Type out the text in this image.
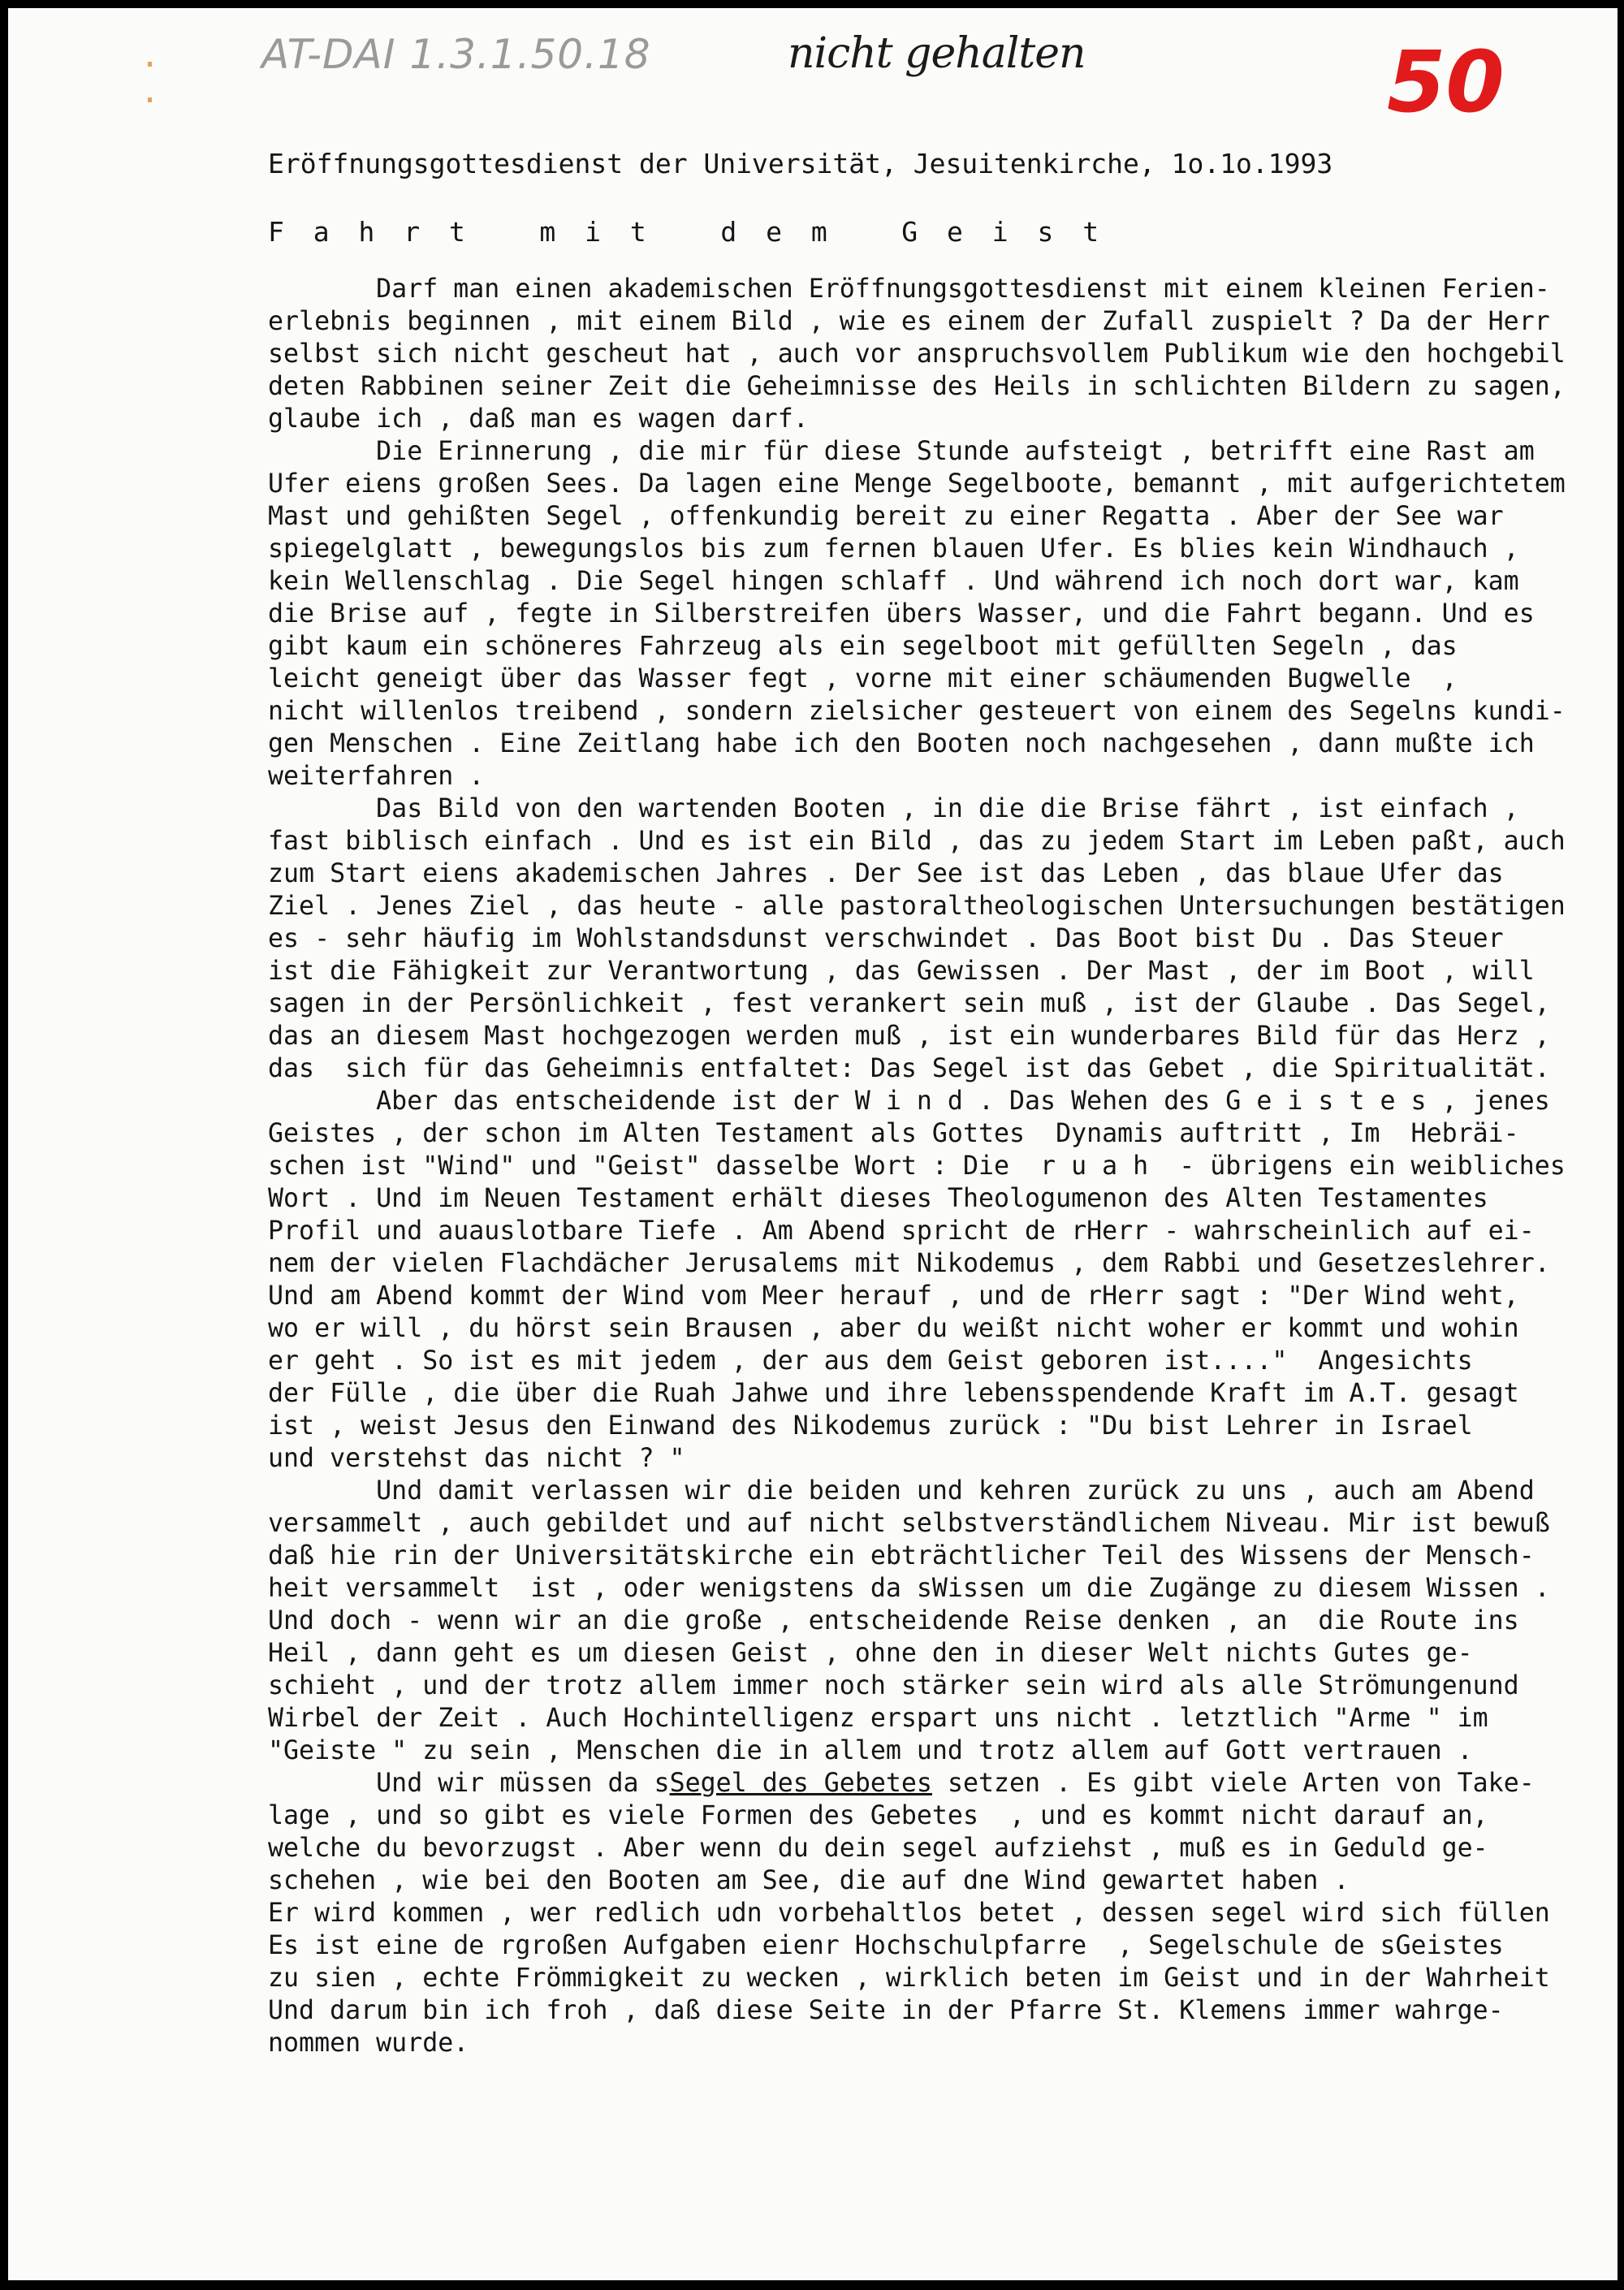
AT-DAI 1.3.1.50.18	nicht gehalten	50
Eröffnungsgottesdienst der Universität, Jesuitenkirche, 1o.1o.1993
F a h r t   m i t   d e m   G e i s t
Darf man einen akademischen Eröffnungsgottesdienst mit einem kleinen Ferien-
erlebnis beginnen , mit einem Bild , wie es einem der Zufall zuspielt ? Da der Herr
selbst sich nicht gescheut hat , auch vor anspruchsvollem Publikum wie den hochgebil
deten Rabbinen seiner Zeit die Geheimnisse des Heils in schlichten Bildern zu sagen,
glaube ich , daß man es wagen darf.
Die Erinnerung , die mir für diese Stunde aufsteigt , betrifft eine Rast am
Ufer eiens großen Sees. Da lagen eine Menge Segelboote, bemannt , mit aufgerichtetem
Mast und gehißten Segel , offenkundig bereit zu einer Regatta . Aber der See war
spiegelglatt , bewegungslos bis zum fernen blauen Ufer. Es blies kein Windhauch ,
kein Wellenschlag . Die Segel hingen schlaff . Und während ich noch dort war, kam
die Brise auf , fegte in Silberstreifen übers Wasser, und die Fahrt begann. Und es
gibt kaum ein schöneres Fahrzeug als ein segelboot mit gefüllten Segeln , das
leicht geneigt über das Wasser fegt , vorne mit einer schäumenden Bugwelle  ,
nicht willenlos treibend , sondern zielsicher gesteuert von einem des Segelns kundi-
gen Menschen . Eine Zeitlang habe ich den Booten noch nachgesehen , dann mußte ich
weiterfahren .
Das Bild von den wartenden Booten , in die die Brise fährt , ist einfach ,
fast biblisch einfach . Und es ist ein Bild , das zu jedem Start im Leben paßt, auch
zum Start eiens akademischen Jahres . Der See ist das Leben , das blaue Ufer das
Ziel . Jenes Ziel , das heute - alle pastoraltheologischen Untersuchungen bestätigen
es - sehr häufig im Wohlstandsdunst verschwindet . Das Boot bist Du . Das Steuer
ist die Fähigkeit zur Verantwortung , das Gewissen . Der Mast , der im Boot , will
sagen in der Persönlichkeit , fest verankert sein muß , ist der Glaube . Das Segel,
das an diesem Mast hochgezogen werden muß , ist ein wunderbares Bild für das Herz ,
das  sich für das Geheimnis entfaltet: Das Segel ist das Gebet , die Spiritualität.
Aber das entscheidende ist der W i n d . Das Wehen des G e i s t e s , jenes
Geistes , der schon im Alten Testament als Gottes  Dynamis auftritt , Im  Hebräi-
schen ist "Wind" und "Geist" dasselbe Wort : Die  r u a h  - übrigens ein weibliches
Wort . Und im Neuen Testament erhält dieses Theologumenon des Alten Testamentes
Profil und auauslotbare Tiefe . Am Abend spricht de rHerr - wahrscheinlich auf ei-
nem der vielen Flachdächer Jerusalems mit Nikodemus , dem Rabbi und Gesetzeslehrer.
Und am Abend kommt der Wind vom Meer herauf , und de rHerr sagt : "Der Wind weht,
wo er will , du hörst sein Brausen , aber du weißt nicht woher er kommt und wohin
er geht . So ist es mit jedem , der aus dem Geist geboren ist...."  Angesichts
der Fülle , die über die Ruah Jahwe und ihre lebensspendende Kraft im A.T. gesagt
ist , weist Jesus den Einwand des Nikodemus zurück : "Du bist Lehrer in Israel
und verstehst das nicht ? "
Und damit verlassen wir die beiden und kehren zurück zu uns , auch am Abend
versammelt , auch gebildet und auf nicht selbstverständlichem Niveau. Mir ist bewuß
daß hie rin der Universitätskirche ein ebträchtlicher Teil des Wissens der Mensch-
heit versammelt  ist , oder wenigstens da sWissen um die Zugänge zu diesem Wissen .
Und doch - wenn wir an die große , entscheidende Reise denken , an  die Route ins
Heil , dann geht es um diesen Geist , ohne den in dieser Welt nichts Gutes ge-
schieht , und der trotz allem immer noch stärker sein wird als alle Strömungenund
Wirbel der Zeit . Auch Hochintelligenz erspart uns nicht . letztlich "Arme " im
"Geiste " zu sein , Menschen die in allem und trotz allem auf Gott vertrauen .
Und wir müssen da sSegel des Gebetes setzen . Es gibt viele Arten von Take-
lage , und so gibt es viele Formen des Gebetes  , und es kommt nicht darauf an,
welche du bevorzugst . Aber wenn du dein segel aufziehst , muß es in Geduld ge-
schehen , wie bei den Booten am See, die auf dne Wind gewartet haben .
Er wird kommen , wer redlich udn vorbehaltlos betet , dessen segel wird sich füllen
Es ist eine de rgroßen Aufgaben eienr Hochschulpfarre  , Segelschule de sGeistes
zu sien , echte Frömmigkeit zu wecken , wirklich beten im Geist und in der Wahrheit
Und darum bin ich froh , daß diese Seite in der Pfarre St. Klemens immer wahrge-
nommen wurde.
